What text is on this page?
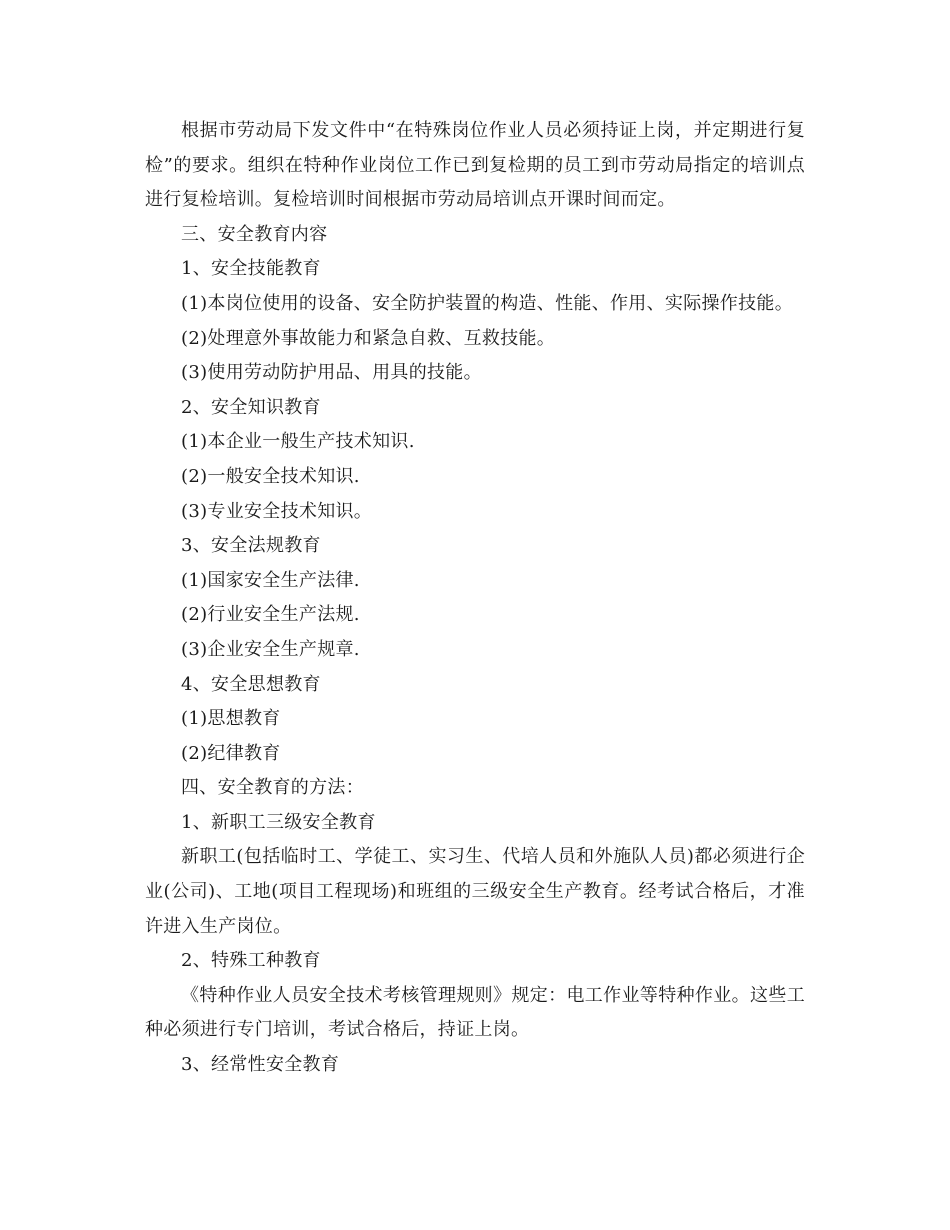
根据市劳动局下发文件中“在特殊岗位作业人员必须持证上岗，并定期进行复检”的要求。组织在特种作业岗位工作已到复检期的员工到市劳动局指定的培训点进行复检培训。复检培训时间根据市劳动局培训点开课时间而定。

三、安全教育内容

1、安全技能教育

(1)本岗位使用的设备、安全防护装置的构造、性能、作用、实际操作技能。

(2)处理意外事故能力和紧急自救、互救技能。

(3)使用劳动防护用品、用具的技能。

2、安全知识教育

(1)本企业一般生产技术知识.

(2)一般安全技术知识.

(3)专业安全技术知识。

3、安全法规教育

(1)国家安全生产法律.

(2)行业安全生产法规.

(3)企业安全生产规章.

4、安全思想教育

(1)思想教育

(2)纪律教育

四、安全教育的方法：

1、新职工三级安全教育

新职工(包括临时工、学徒工、实习生、代培人员和外施队人员)都必须进行企业(公司)、工地(项目工程现场)和班组的三级安全生产教育。经考试合格后，才准许进入生产岗位。

2、特殊工种教育

《特种作业人员安全技术考核管理规则》规定：电工作业等特种作业。这些工种必须进行专门培训，考试合格后，持证上岗。

3、经常性安全教育
